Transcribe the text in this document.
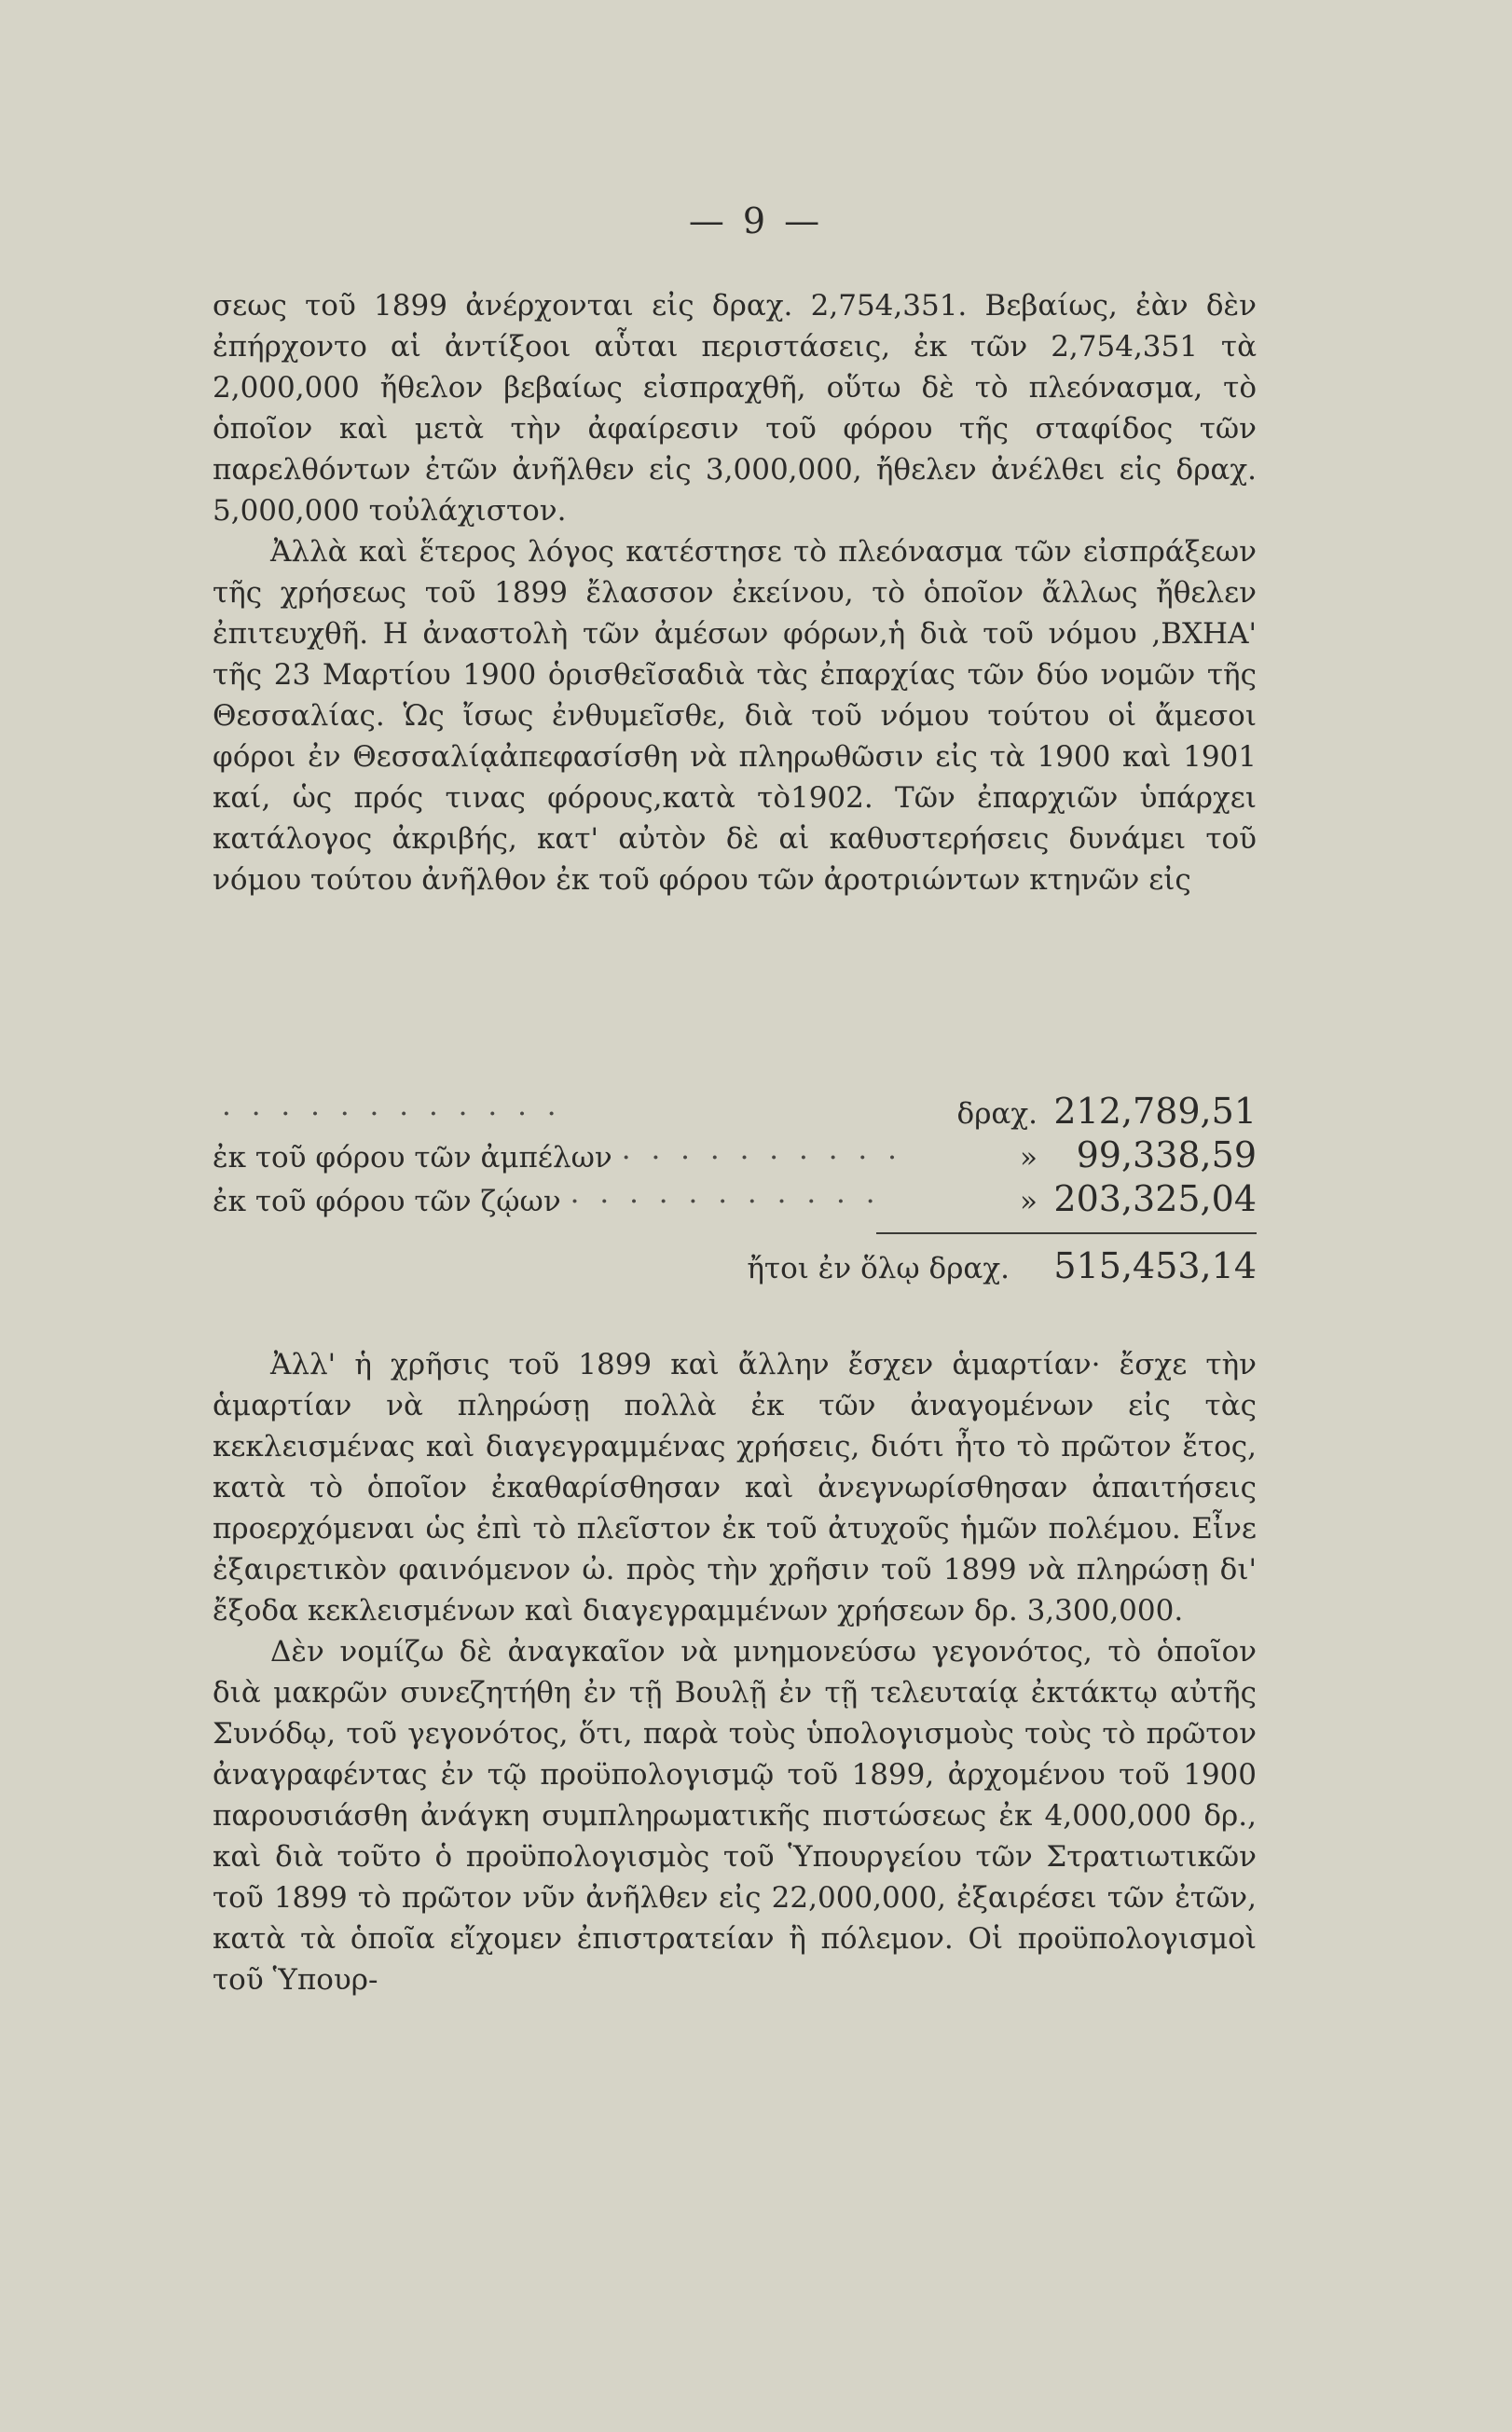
— 9 —

σεως τοῦ 1899 ἀνέρχονται εἰς δραχ. 2,754,351. Βεβαίως, ἐὰν δὲν ἐπήρχοντο αἱ ἀντίξοοι αὗται περιστάσεις, ἐκ τῶν 2,754,351 τὰ 2,000,000 ἤθελον βεβαίως εἰσπραχθῆ, οὕτω δὲ τὸ πλεόνασμα, τὸ ὁποῖον καὶ μετὰ τὴν ἀφαίρεσιν τοῦ φόρου τῆς σταφίδος τῶν παρελθόντων ἐτῶν ἀνῆλθεν εἰς 3,000,000, ἤθελεν ἀνέλθει εἰς δραχ. 5,000,000 τοὐλάχιστον.

Ἀλλὰ καὶ ἕτερος λόγος κατέστησε τὸ πλεόνασμα τῶν εἰσπράξεων τῆς χρήσεως τοῦ 1899 ἔλασσον ἐκείνου, τὸ ὁποῖον ἄλλως ἤθελεν ἐπιτευχθῆ. Η ἀναστολὴ τῶν ἀμέσων φόρων,ἡ διὰ τοῦ νόμου ,ΒΧΗΑ' τῆς 23 Μαρτίου 1900 ὁρισθεῖσαδιὰ τὰς ἐπαρχίας τῶν δύο νομῶν τῆς Θεσσαλίας. Ὡς ἴσως ἐνθυμεῖσθε, διὰ τοῦ νόμου τούτου οἱ ἄμεσοι φόροι ἐν Θεσσαλίᾳἀπεφασίσθη νὰ πληρωθῶσιν εἰς τὰ 1900 καὶ 1901 καί, ὡς πρός τινας φόρους,κατὰ τὸ1902. Τῶν ἐπαρχιῶν ὑπάρχει κατάλογος ἀκριβής, κατ' αὐτὸν δὲ αἱ καθυστερήσεις δυνάμει τοῦ νόμου τούτου ἀνῆλθον ἐκ τοῦ φόρου τῶν ἀροτριώντων κτηνῶν εἰς

· · · · · · · · · · · ·	δραχ. 212,789,51
ἐκ τοῦ φόρου τῶν ἀμπέλων · · · · · · · · · ·	»	99,338,59
ἐκ τοῦ φόρου τῶν ζῴων · · · · · · · · · · ·	» 203,325,04
ἤτοι ἐν ὅλῳ δραχ.	515,453,14

Ἀλλ' ἡ χρῆσις τοῦ 1899 καὶ ἄλλην ἔσχεν ἁμαρτίαν· ἔσχε τὴν ἁμαρτίαν νὰ πληρώσῃ πολλὰ ἐκ τῶν ἀναγομένων εἰς τὰς κεκλεισμένας καὶ διαγεγραμμένας χρήσεις, διότι ἦτο τὸ πρῶτον ἔτος, κατὰ τὸ ὁποῖον ἐκαθαρίσθησαν καὶ ἀνεγνωρίσθησαν ἀπαιτήσεις προερχόμεναι ὡς ἐπὶ τὸ πλεῖστον ἐκ τοῦ ἀτυχοῦς ἡμῶν πολέμου. Εἶνε ἐξαιρετικὸν φαινόμενον ὠ. πρὸς τὴν χρῆσιν τοῦ 1899 νὰ πληρώσῃ δι' ἔξοδα κεκλεισμένων καὶ διαγεγραμμένων χρήσεων δρ. 3,300,000.

Δὲν νομίζω δὲ ἀναγκαῖον νὰ μνημονεύσω γεγονότος, τὸ ὁποῖον διὰ μακρῶν συνεζητήθη ἐν τῇ Βουλῇ ἐν τῇ τελευταίᾳ ἐκτάκτῳ αὐτῆς Συνόδῳ, τοῦ γεγονότος, ὅτι, παρὰ τοὺς ὑπολογισμοὺς τοὺς τὸ πρῶτον ἀναγραφέντας ἐν τῷ προϋπολογισμῷ τοῦ 1899, ἀρχομένου τοῦ 1900 παρουσιάσθη ἀνάγκη συμπληρωματικῆς πιστώσεως ἐκ 4,000,000 δρ., καὶ διὰ τοῦτο ὁ προϋπολογισμὸς τοῦ Ὑπουργείου τῶν Στρατιωτικῶν τοῦ 1899 τὸ πρῶτον νῦν ἀνῆλθεν εἰς 22,000,000, ἐξαιρέσει τῶν ἐτῶν, κατὰ τὰ ὁποῖα εἴχομεν ἐπιστρατείαν ἢ πόλεμον. Οἱ προϋπολογισμοὶ τοῦ Ὑπουρ-
